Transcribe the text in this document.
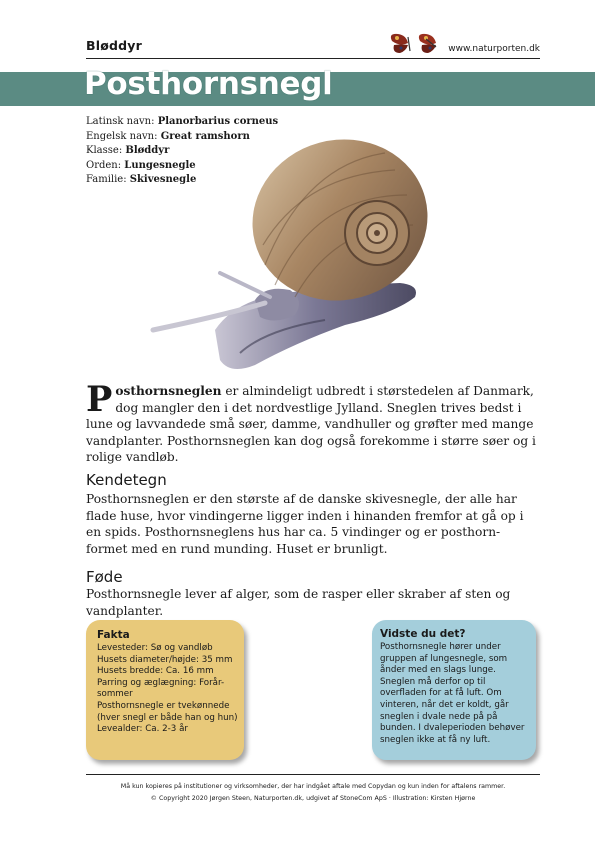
Bløddyr	www.naturporten.dk
Posthornsnegl
Latinsk navn: Planorbarius corneus
Engelsk navn: Great ramshorn
Klasse: Bløddyr
Orden: Lungesnegle
Familie: Skivesnegle
Posthornsneglen er almindeligt udbredt i størstedelen af Danmark, dog mangler den i det nordvestlige Jylland. Sneglen trives bedst i lune og lavvandede små søer, damme, vandhuller og grøfter med mange vandplanter. Posthornsneglen kan dog også forekomme i større søer og i rolige vandløb.
Kendetegn
Posthornsneglen er den største af de danske skivesnegle, der alle har flade huse, hvor vindingerne ligger inden i hinanden fremfor at gå op i en spids. Posthornsneglens hus har ca. 5 vindinger og er posthorn-formet med en rund munding. Huset er brunligt.
Føde
Posthornsnegle lever af alger, som de rasper eller skraber af sten og vandplanter.
Fakta
Levesteder: Sø og vandløb
Husets diameter/højde: 35 mm
Husets bredde: Ca. 16 mm
Parring og æglægning: Forår-
sommer
Posthornsnegle er tvekønnede
(hver snegl er både han og hun)
Levealder: Ca. 2-3 år
Vidste du det?
Posthornsnegle hører under gruppen af lungesnegle, som ånder med en slags lunge. Sneglen må derfor op til overfladen for at få luft. Om vinteren, når det er koldt, går sneglen i dvale nede på på bunden. I dvaleperioden behøver sneglen ikke at få ny luft.
Må kun kopieres på institutioner og virksomheder, der har indgået aftale med Copydan og kun inden for aftalens rammer.
© Copyright 2020 Jørgen Steen, Naturporten.dk, udgivet af StoneCom ApS · Illustration: Kirsten Hjørne
